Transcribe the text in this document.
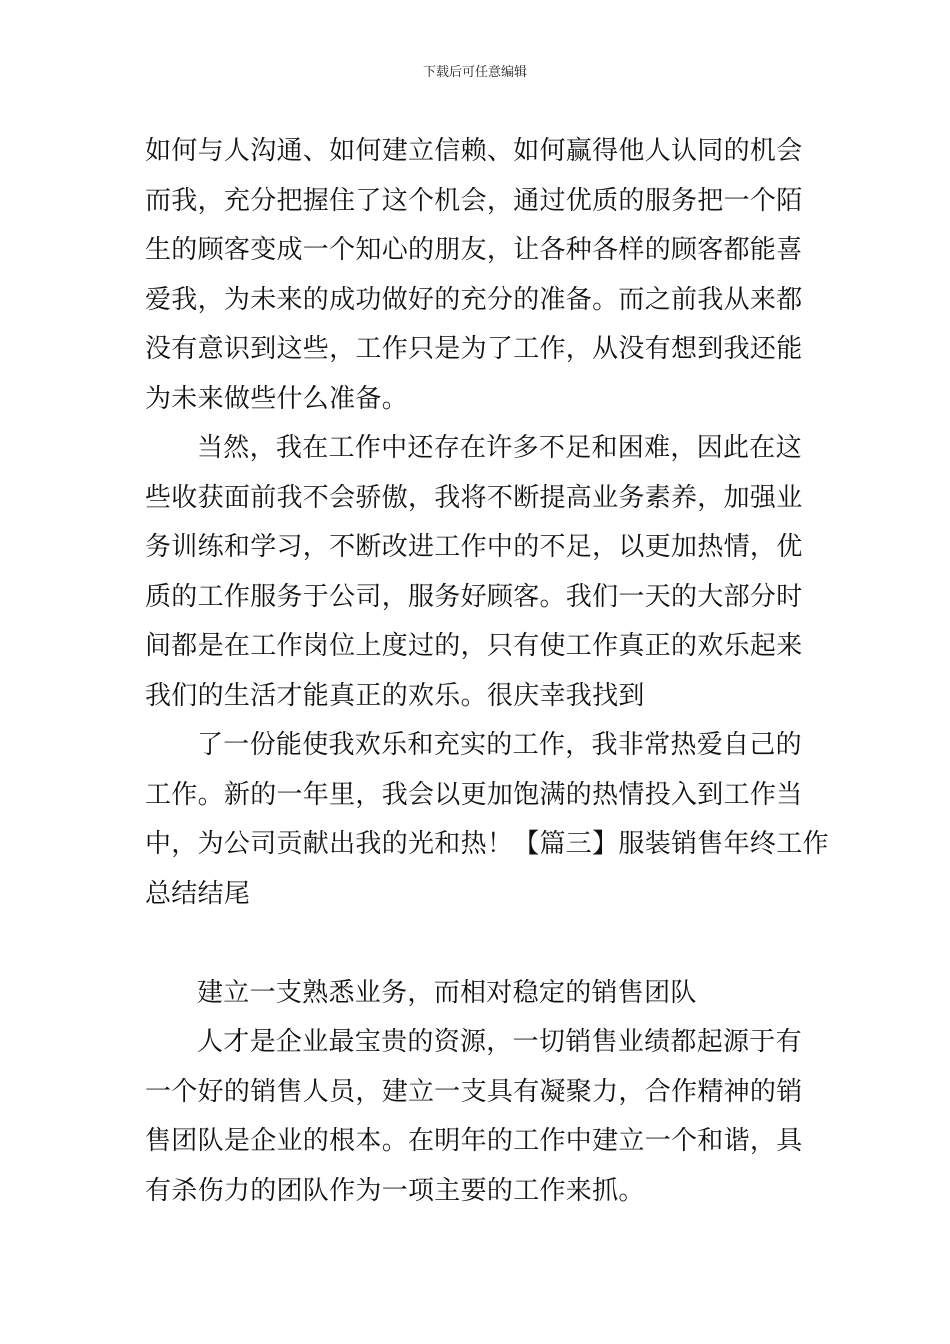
下载后可任意编辑
如何与人沟通、如何建立信赖、如何赢得他人认同的机会
而我，充分把握住了这个机会，通过优质的服务把一个陌
生的顾客变成一个知心的朋友，让各种各样的顾客都能喜
爱我，为未来的成功做好的充分的准备。而之前我从来都
没有意识到这些，工作只是为了工作，从没有想到我还能
为未来做些什么准备。
当然，我在工作中还存在许多不足和困难，因此在这
些收获面前我不会骄傲，我将不断提高业务素养，加强业
务训练和学习，不断改进工作中的不足，以更加热情，优
质的工作服务于公司，服务好顾客。我们一天的大部分时
间都是在工作岗位上度过的，只有使工作真正的欢乐起来
我们的生活才能真正的欢乐。很庆幸我找到
了一份能使我欢乐和充实的工作，我非常热爱自己的
工作。新的一年里，我会以更加饱满的热情投入到工作当
中，为公司贡献出我的光和热！【篇三】服装销售年终工作
总结结尾
建立一支熟悉业务，而相对稳定的销售团队
人才是企业最宝贵的资源，一切销售业绩都起源于有
一个好的销售人员，建立一支具有凝聚力，合作精神的销
售团队是企业的根本。在明年的工作中建立一个和谐，具
有杀伤力的团队作为一项主要的工作来抓。
